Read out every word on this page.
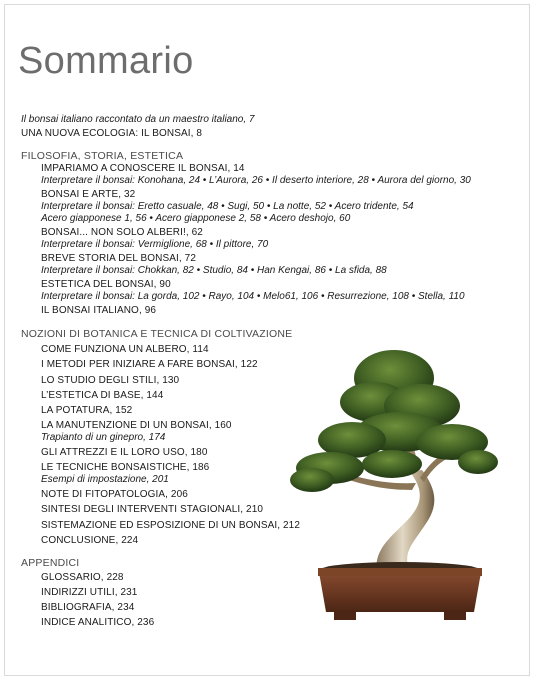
Sommario
Il bonsai italiano raccontato da un maestro italiano, 7
UNA NUOVA ECOLOGIA: IL BONSAI, 8
FILOSOFIA, STORIA, ESTETICA
IMPARIAMO A CONOSCERE IL BONSAI, 14
Interpretare il bonsai: Konohana, 24 • L’Aurora, 26 • Il deserto interiore, 28 • Aurora del giorno, 30
BONSAI E ARTE, 32
Interpretare il bonsai: Eretto casuale, 48 • Sugi, 50 • La notte, 52 • Acero tridente, 54
Acero giapponese 1, 56 • Acero giapponese 2, 58 • Acero deshojo, 60
BONSAI... NON SOLO ALBERI!, 62
Interpretare il bonsai: Vermiglione, 68 • Il pittore, 70
BREVE STORIA DEL BONSAI, 72
Interpretare il bonsai: Chokkan, 82 • Studio, 84 • Han Kengai, 86 • La sfida, 88
ESTETICA DEL BONSAI, 90
Interpretare il bonsai: La gorda, 102 • Rayo, 104 • Melo61, 106 • Resurrezione, 108 • Stella, 110
IL BONSAI ITALIANO, 96
NOZIONI DI BOTANICA E TECNICA DI COLTIVAZIONE
COME FUNZIONA UN ALBERO, 114
I METODI PER INIZIARE A FARE BONSAI, 122
LO STUDIO DEGLI STILI, 130
L’ESTETICA DI BASE, 144
LA POTATURA, 152
LA MANUTENZIONE DI UN BONSAI, 160
Trapianto di un ginepro, 174
GLI ATTREZZI E IL LORO USO, 180
LE TECNICHE BONSAISTICHE, 186
Esempi di impostazione, 201
NOTE DI FITOPATOLOGIA, 206
SINTESI DEGLI INTERVENTI STAGIONALI, 210
SISTEMAZIONE ED ESPOSIZIONE DI UN BONSAI, 212
CONCLUSIONE, 224
APPENDICI
GLOSSARIO, 228
INDIRIZZI UTILI, 231
BIBLIOGRAFIA, 234
INDICE ANALITICO, 236
